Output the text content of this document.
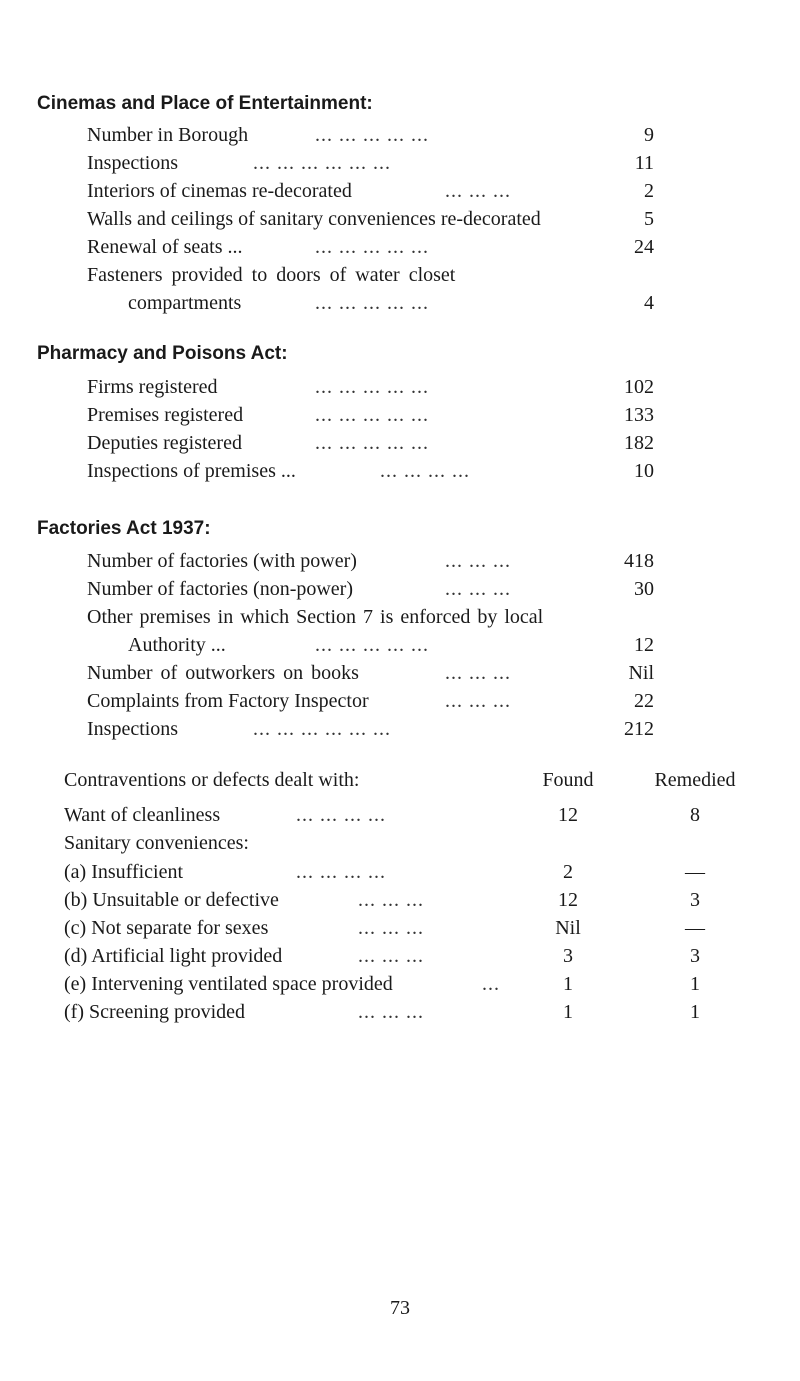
Cinemas and Place of Entertainment:
Number in Borough	... ... ... ... ...	9
Inspections	... ... ... ... ... ...	11
Interiors of cinemas re-decorated	... ... ...	2
Walls and ceilings of sanitary conveniences re-decorated	5
Renewal of seats ...	... ... ... ... ...	24
Fasteners provided to doors of water closet
compartments	... ... ... ... ...	4
Pharmacy and Poisons Act:
Firms registered	... ... ... ... ...	102
Premises registered	... ... ... ... ...	133
Deputies registered	... ... ... ... ...	182
Inspections of premises ...	... ... ... ...	10
Factories Act 1937:
Number of factories (with power)	... ... ...	418
Number of factories (non-power)	... ... ...	30
Other premises in which Section 7 is enforced by local
Authority ...	... ... ... ... ...	12
Number of outworkers on books	... ... ...	Nil
Complaints from Factory Inspector	... ... ...	22
Inspections	... ... ... ... ... ...	212
Contraventions or defects dealt with:	Found	Remedied
Want of cleanliness	... ... ... ...	12	8
Sanitary conveniences:
(a) Insufficient	... ... ... ...	2	—
(b) Unsuitable or defective	... ... ...	12	3
(c) Not separate for sexes	... ... ...	Nil	—
(d) Artificial light provided	... ... ...	3	3
(e) Intervening ventilated space provided	...	1	1
(f) Screening provided	... ... ...	1	1
73
